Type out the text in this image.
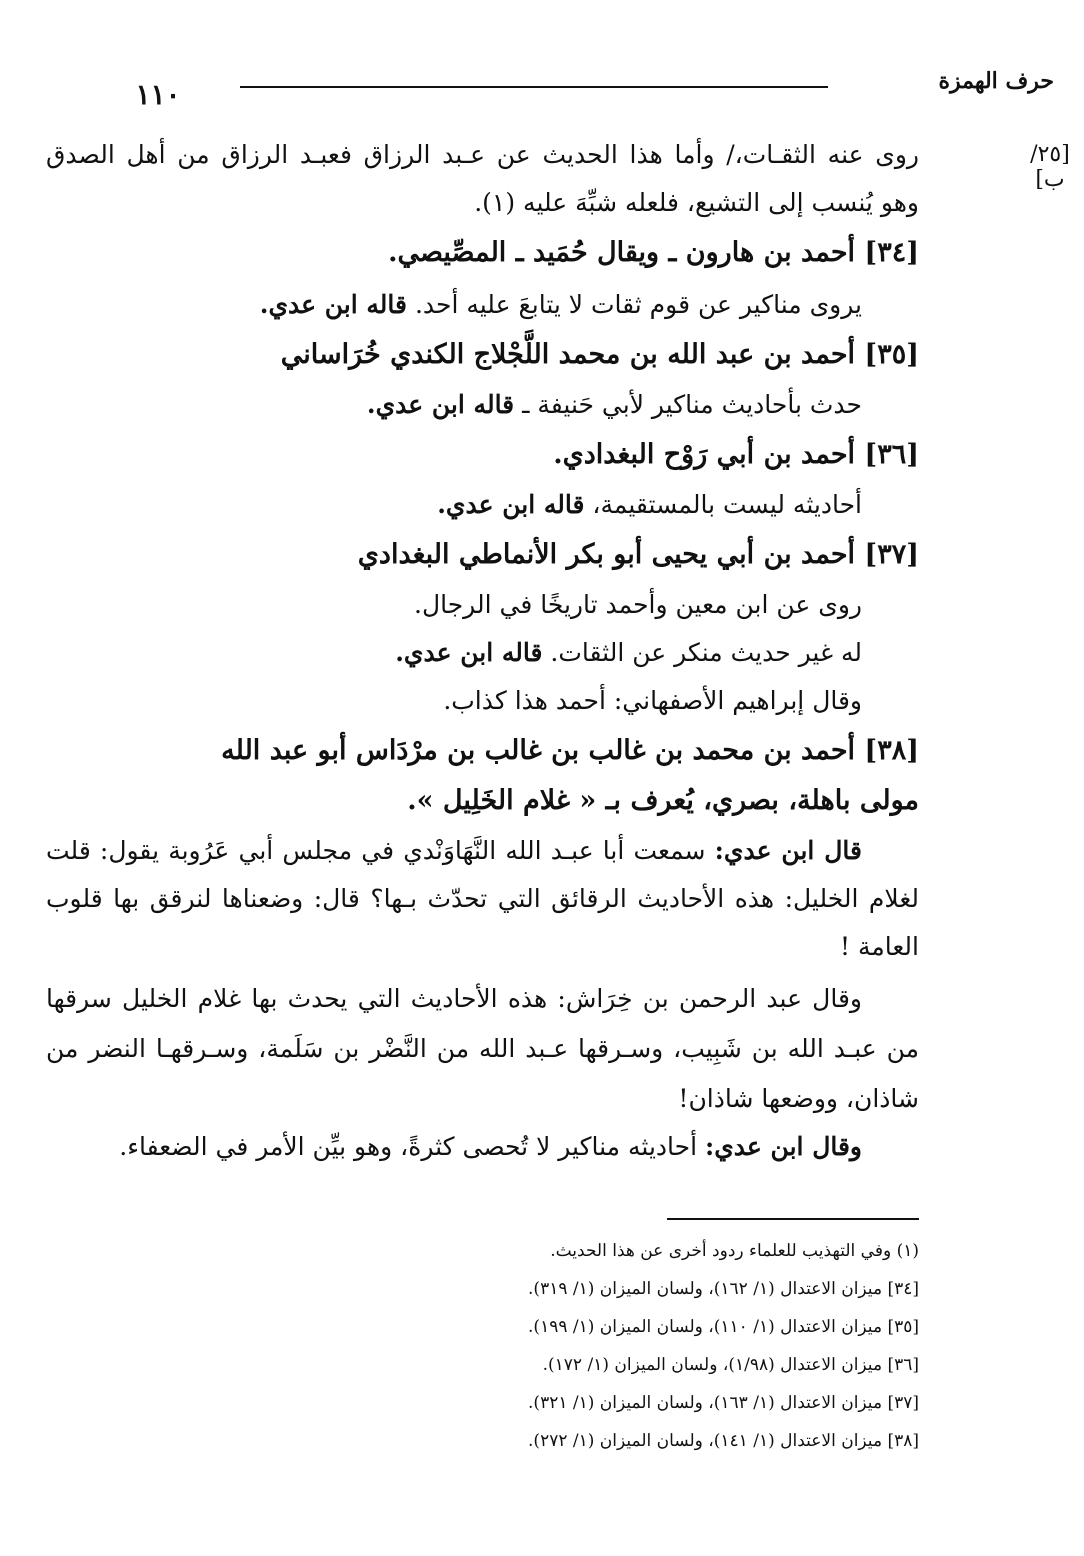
حرف الهمزة
١١٠
[٢٥/ب]
روى عنه الثقـات،/ وأما هذا الحديث عن عـبد الرزاق فعبـد الرزاق من أهل الصدق
وهو يُنسب إلى التشيع، فلعله شبِّهَ عليه (١).
[٣٤] أحمد بن هارون ـ ويقال حُمَيد ـ المصِّيصي.
يروى مناكير عن قوم ثقات لا يتابعَ عليه أحد. قاله ابن عدي.
[٣٥] أحمد بن عبد الله بن محمد اللَّجْلاج الكندي خُرَاساني
حدث بأحاديث مناكير لأبي حَنيفة ـ قاله ابن عدي.
[٣٦] أحمد بن أبي رَوْح البغدادي.
أحاديثه ليست بالمستقيمة، قاله ابن عدي.
[٣٧] أحمد بن أبي يحيى أبو بكر الأنماطي البغدادي
روى عن ابن معين وأحمد تاريخًا في الرجال.
له غير حديث منكر عن الثقات. قاله ابن عدي.
وقال إبراهيم الأصفهاني: أحمد هذا كذاب.
[٣٨] أحمد بن محمد بن غالب بن غالب بن مرْدَاس أبو عبد الله
مولى باهلة، بصري، يُعرف بـ « غلام الخَلِيل ».
قال ابن عدي: سمعت أبا عبـد الله النَّهَاوَنْدي في مجلس أبي عَرُوبة يقول: قلت
لغلام الخليل: هذه الأحاديث الرقائق التي تحدّث بـها؟ قال: وضعناها لنرقق بها قلوب
العامة !
وقال عبد الرحمن بن خِرَاش: هذه الأحاديث التي يحدث بها غلام الخليل سرقها
من عبـد الله بن شَبِيب، وسـرقها عـبد الله من النَّضْر بن سَلَمة، وسـرقهـا النضر من
شاذان، ووضعها شاذان!
وقال ابن عدي: أحاديثه مناكير لا تُحصى كثرةً، وهو بيِّن الأمر في الضعفاء.
(١) وفي التهذيب للعلماء ردود أخرى عن هذا الحديث.
[٣٤] ميزان الاعتدال (١/ ١٦٢)، ولسان الميزان (١/ ٣١٩).
[٣٥] ميزان الاعتدال (١/ ١١٠)، ولسان الميزان (١/ ١٩٩).
[٣٦] ميزان الاعتدال (١/٩٨)، ولسان الميزان (١/ ١٧٢).
[٣٧] ميزان الاعتدال (١/ ١٦٣)، ولسان الميزان (١/ ٣٢١).
[٣٨] ميزان الاعتدال (١/ ١٤١)، ولسان الميزان (١/ ٢٧٢).
